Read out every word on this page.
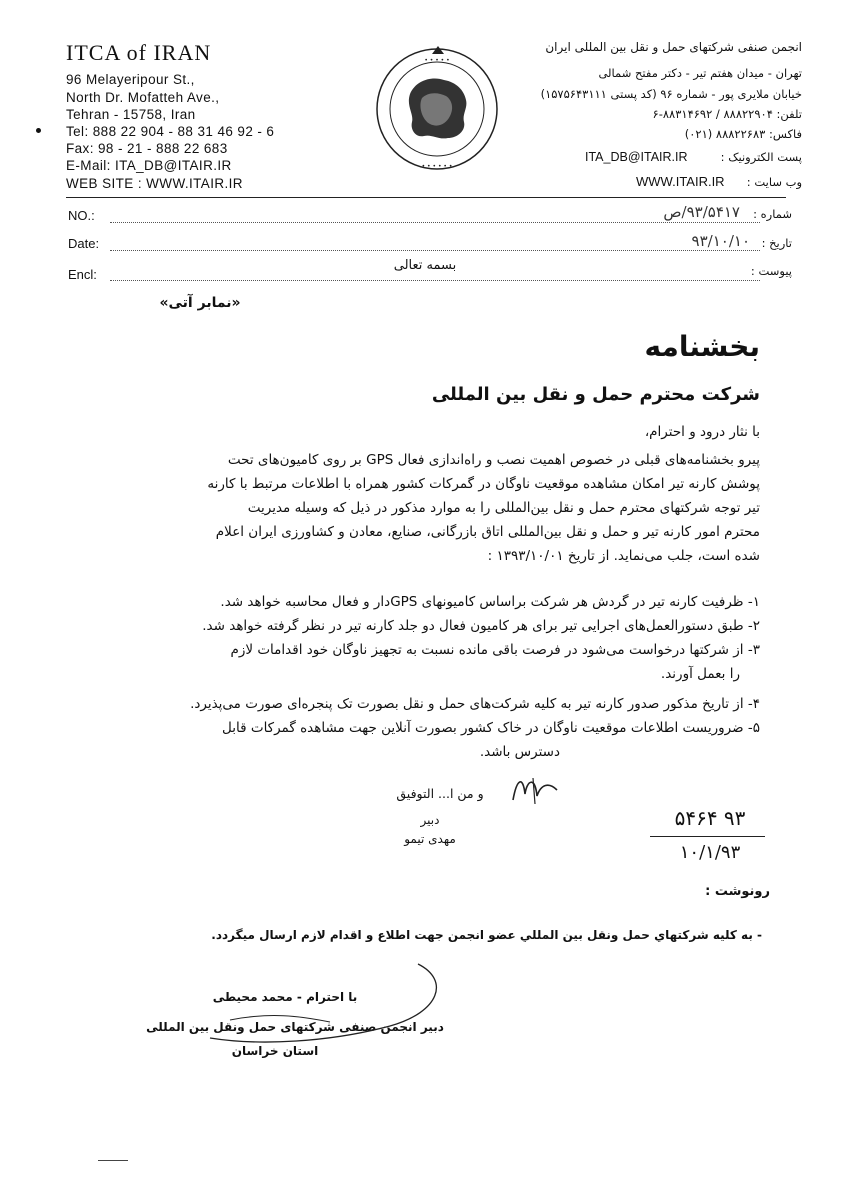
ITCA of IRAN
96 Melayeripour St.,
North Dr. Mofatteh Ave.,
Tehran - 15758, Iran
Tel: 888 22 904 - 88 31 46 92 - 6
Fax: 98 - 21 - 888 22 683
E-Mail: ITA_DB@ITAIR.IR
WEB SITE : WWW.ITAIR.IR
• • • • •
• • • • • •
انجمن صنفی شرکتهای حمل و نقل بین المللی ایران
تهران - میدان هفتم تیر - دکتر مفتح شمالی
خیابان ملایری پور - شماره ۹۶ (کد پستی ۱۵۷۵۶۴۳۱۱۱)
تلفن: ۸۸۸۲۲۹۰۴ / ۸۸۳۱۴۶۹۲-۶
فاکس: ۸۸۸۲۲۶۸۳ (۰۲۱)
پست الکترونیک :
ITA_DB@ITAIR.IR
وب سایت :
WWW.ITAIR.IR
NO.:
Date:
Encl:
شماره :
تاریخ :
پیوست :
۹۳/۵۴۱۷/ص
۹۳/۱۰/۱۰
بسمه تعالی
«نمابر آتی»
بخشنامه
شرکت محترم حمل و نقل بین المللی
با نثار درود و احترام،
پیرو بخشنامه‌های قبلی در خصوص اهمیت نصب و راه‌اندازی فعال GPS بر روی کامیون‌های تحت
پوشش کارنه تیر امکان مشاهده موقعیت ناوگان در گمرکات کشور همراه با اطلاعات مرتبط با کارنه
تیر توجه شرکتهای محترم حمل و نقل بین‌المللی را به موارد مذکور در ذیل که وسیله مدیریت
محترم امور کارنه تیر و حمل و نقل بین‌المللی اتاق بازرگانی، صنایع، معادن و کشاورزی ایران اعلام
شده است، جلب می‌نماید. از تاریخ ۱۳۹۳/۱۰/۰۱ :
۱- ظرفیت کارنه تیر در گردش هر شرکت براساس کامیونهای GPSدار و فعال محاسبه خواهد شد.
۲- طبق دستورالعمل‌های اجرایی تیر برای هر کامیون فعال دو جلد کارنه تیر در نظر گرفته خواهد شد.
۳- از شرکتها درخواست می‌شود در فرصت باقی مانده نسبت به تجهیز ناوگان خود اقدامات لازم
را بعمل آورند.
۴- از تاریخ مذکور صدور کارنه تیر به کلیه شرکت‌های حمل و نقل بصورت تک پنجره‌ای صورت می‌پذیرد.
۵- ضروریست اطلاعات موقعیت ناوگان در خاک کشور بصورت آنلاین جهت مشاهده گمرکات قابل
دسترس باشد.
و من ا... التوفیق
دبیر
مهدی تیمو
۹۳ ۵۴۶۴
۱۰/۱/۹۳
رونوشت :
- به کلیه شرکتهاي حمل ونقل بين المللي عضو انجمن جهت اطلاع و اقدام لازم ارسال ميگردد.
با احترام - محمد محیطی
دبیر انجمن صنفی شرکتهای حمل ونقل بین المللی
استان خراسان
